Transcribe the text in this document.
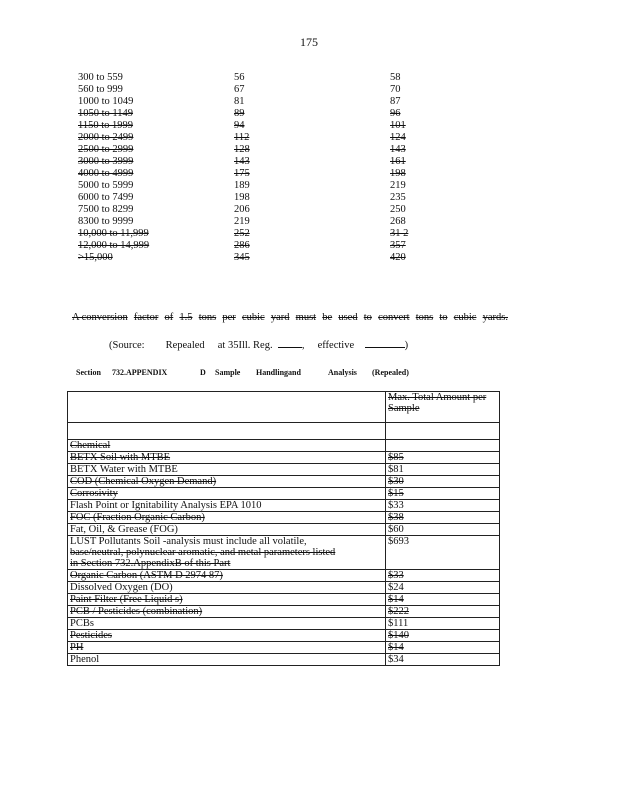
175
300 to 559	56	58
560 to 999	67	70
1000 to 1049	81	87
1050 to 1149	89	96
1150 to 1999	94	101
2000 to 2499	112	124
2500 to 2999	128	143
3000 to 3999	143	161
4000 to 4999	175	198
5000 to 5999	189	219
6000 to 7499	198	235
7500 to 8299	206	250
8300 to 9999	219	268
10,000 to 11,999	252	31 2
12,000 to 14,999	286	357
>15,000	345	420
A conversion factor of 1.5 tons per cubic yard must be used to convert tons to cubic yards.
(Source: Repealed at 35Ill. Reg.	, effective	)
Section 732.APPENDIX	D Sample Handlingand	Analysis (Repealed)
	Max. Total Amount per Sample

Chemical	
BETX Soil with MTBE	$85
BETX Water with MTBE	$81
COD (Chemical Oxygen Demand)	$30
Corrosivity	$15
Flash Point or Ignitability Analysis EPA 1010	$33
FOC (Fraction Organic Carbon)	$38
Fat, Oil, & Grease (FOG)	$60

LUST Pollutants Soil -analysis must include all volatile,
base/neutral, polynuclear aromatic, and metal parameters listed
in Section 732.AppendixB of this Part	$693
Organic Carbon (ASTM D 2974 87)	$33
Dissolved Oxygen (DO)	$24
Paint Filter (Free Liquid s)	$14
PCB / Pesticides (combination)	$222
PCBs	$111
Pesticides	$140
PH	$14
Phenol	$34
